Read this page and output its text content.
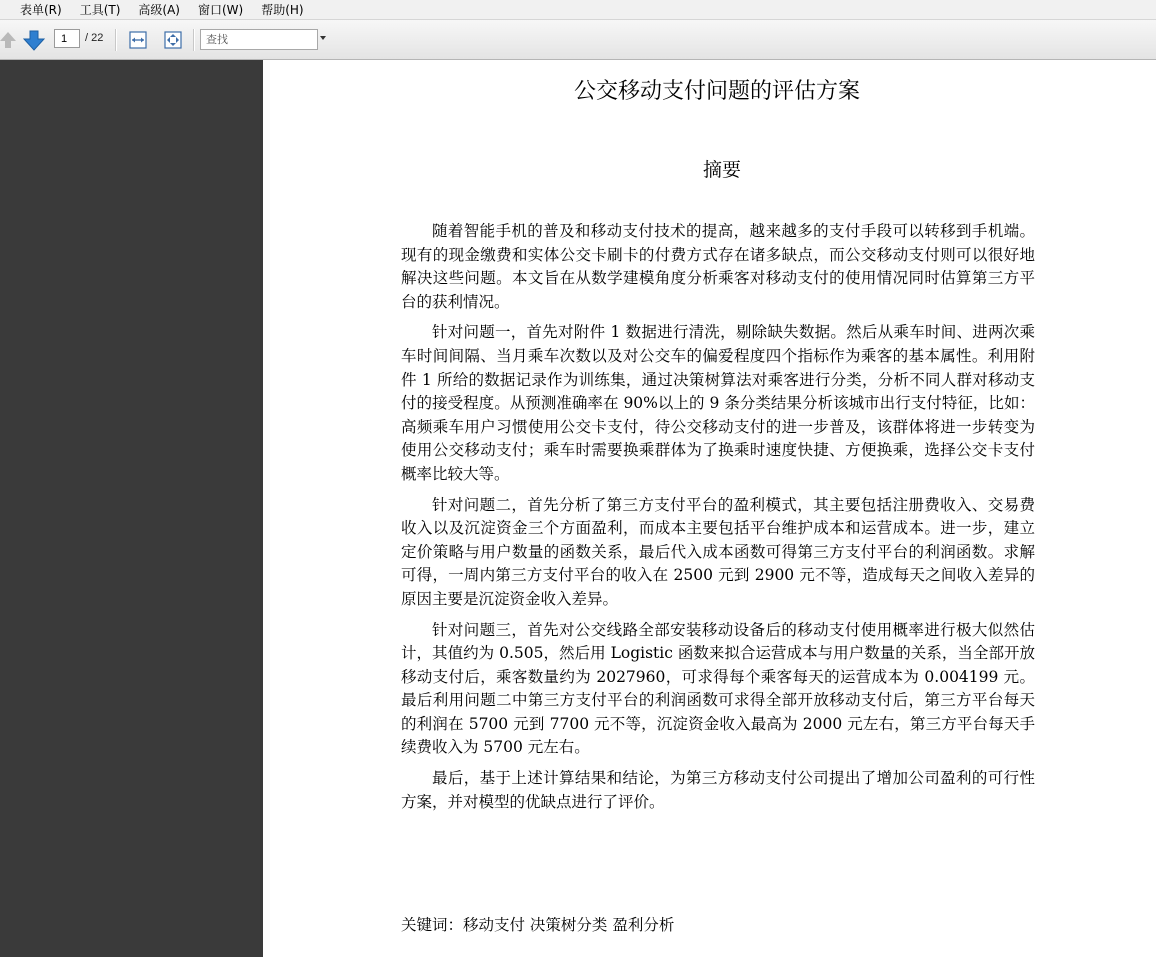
表单(R) 工具(T) 高级(A) 窗口(W) 帮助(H)
1	/ 22	查找
公交移动支付问题的评估方案
摘要

随着智能手机的普及和移动支付技术的提高，越来越多的支付手段可以转移到手机端。现有的现金缴费和实体公交卡刷卡的付费方式存在诸多缺点，而公交移动支付则可以很好地解决这些问题。本文旨在从数学建模角度分析乘客对移动支付的使用情况同时估算第三方平台的获利情况。

针对问题一，首先对附件 1 数据进行清洗，剔除缺失数据。然后从乘车时间、进两次乘车时间间隔、当月乘车次数以及对公交车的偏爱程度四个指标作为乘客的基本属性。利用附件 1 所给的数据记录作为训练集，通过决策树算法对乘客进行分类，分析不同人群对移动支付的接受程度。从预测准确率在 90%以上的 9 条分类结果分析该城市出行支付特征，比如：高频乘车用户习惯使用公交卡支付，待公交移动支付的进一步普及，该群体将进一步转变为使用公交移动支付；乘车时需要换乘群体为了换乘时速度快捷、方便换乘，选择公交卡支付概率比较大等。

针对问题二，首先分析了第三方支付平台的盈利模式，其主要包括注册费收入、交易费收入以及沉淀资金三个方面盈利，而成本主要包括平台维护成本和运营成本。进一步，建立定价策略与用户数量的函数关系，最后代入成本函数可得第三方支付平台的利润函数。求解可得，一周内第三方支付平台的收入在 2500 元到 2900 元不等，造成每天之间收入差异的原因主要是沉淀资金收入差异。

针对问题三，首先对公交线路全部安装移动设备后的移动支付使用概率进行极大似然估计，其值约为 0.505，然后用 Logistic 函数来拟合运营成本与用户数量的关系，当全部开放移动支付后，乘客数量约为 2027960，可求得每个乘客每天的运营成本为 0.004199 元。最后利用问题二中第三方支付平台的利润函数可求得全部开放移动支付后，第三方平台每天的利润在 5700 元到 7700 元不等，沉淀资金收入最高为 2000 元左右，第三方平台每天手续费收入为 5700 元左右。

最后，基于上述计算结果和结论，为第三方移动支付公司提出了增加公司盈利的可行性方案，并对模型的优缺点进行了评价。

关键词：移动支付 决策树分类 盈利分析
